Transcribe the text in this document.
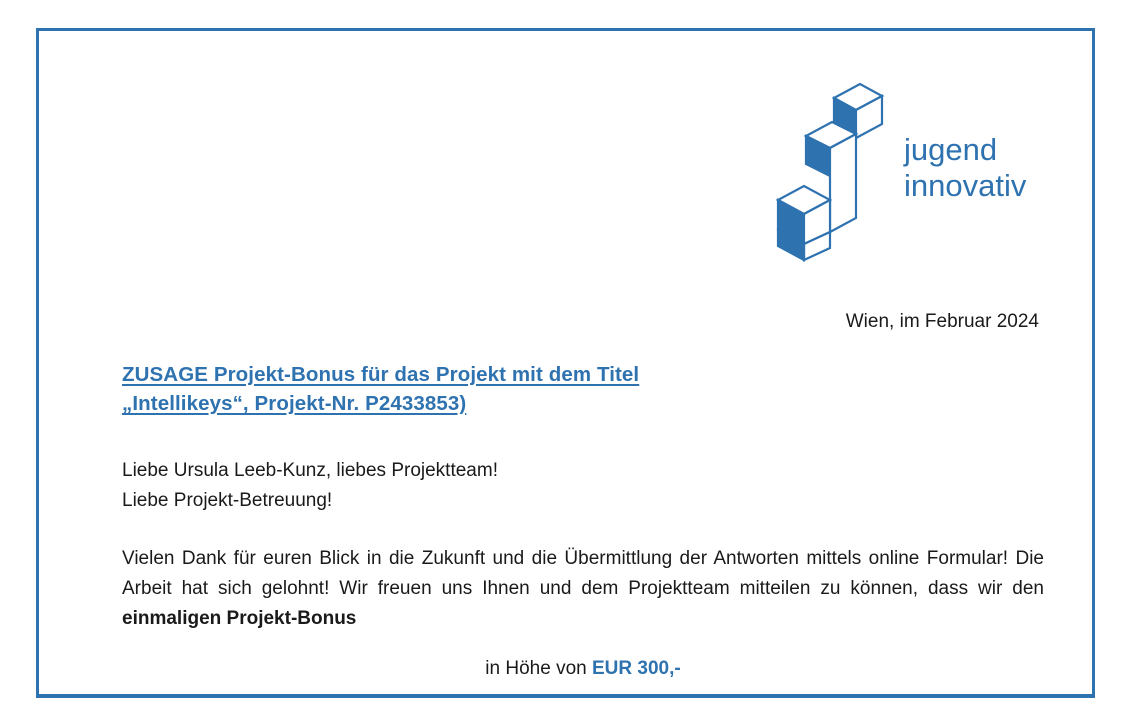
jugend
innovativ
Wien, im Februar 2024
ZUSAGE Projekt-Bonus für das Projekt mit dem Titel
„Intellikeys“, Projekt-Nr. P2433853)
Liebe Ursula Leeb-Kunz, liebes Projektteam!
Liebe Projekt-Betreuung!
Vielen Dank für euren Blick in die Zukunft und die Übermittlung der Antworten mittels online Formular! Die Arbeit hat sich gelohnt! Wir freuen uns Ihnen und dem Projektteam mitteilen zu können, dass wir den einmaligen Projekt-Bonus
in Höhe von EUR 300,-
